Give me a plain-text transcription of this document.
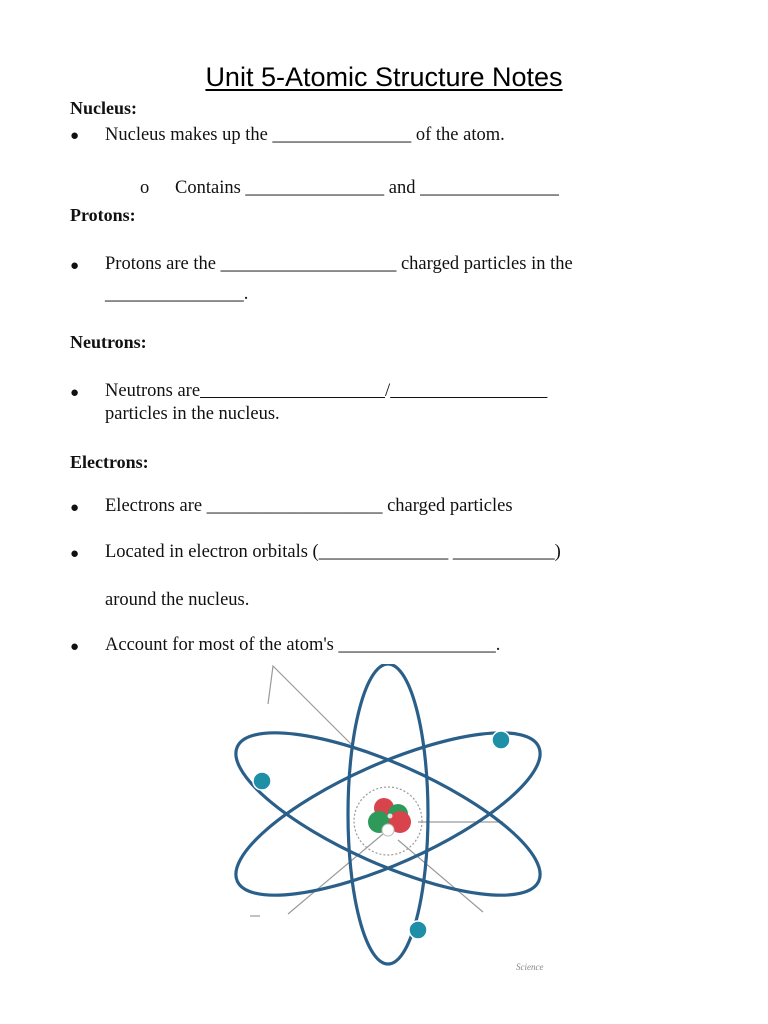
Unit 5-Atomic Structure Notes
Nucleus:
● Nucleus makes up the _______________ of the atom.
o Contains _______________ and _______________
Protons:
● Protons are the ___________________ charged particles in the
_______________.
Neutrons:
● Neutrons are	/
particles in the nucleus.
Electrons:
● Electrons are ___________________ charged particles
● Located in electron orbitals (______________ ___________)
around the nucleus.
● Account for most of the atom's _________________.
Science
